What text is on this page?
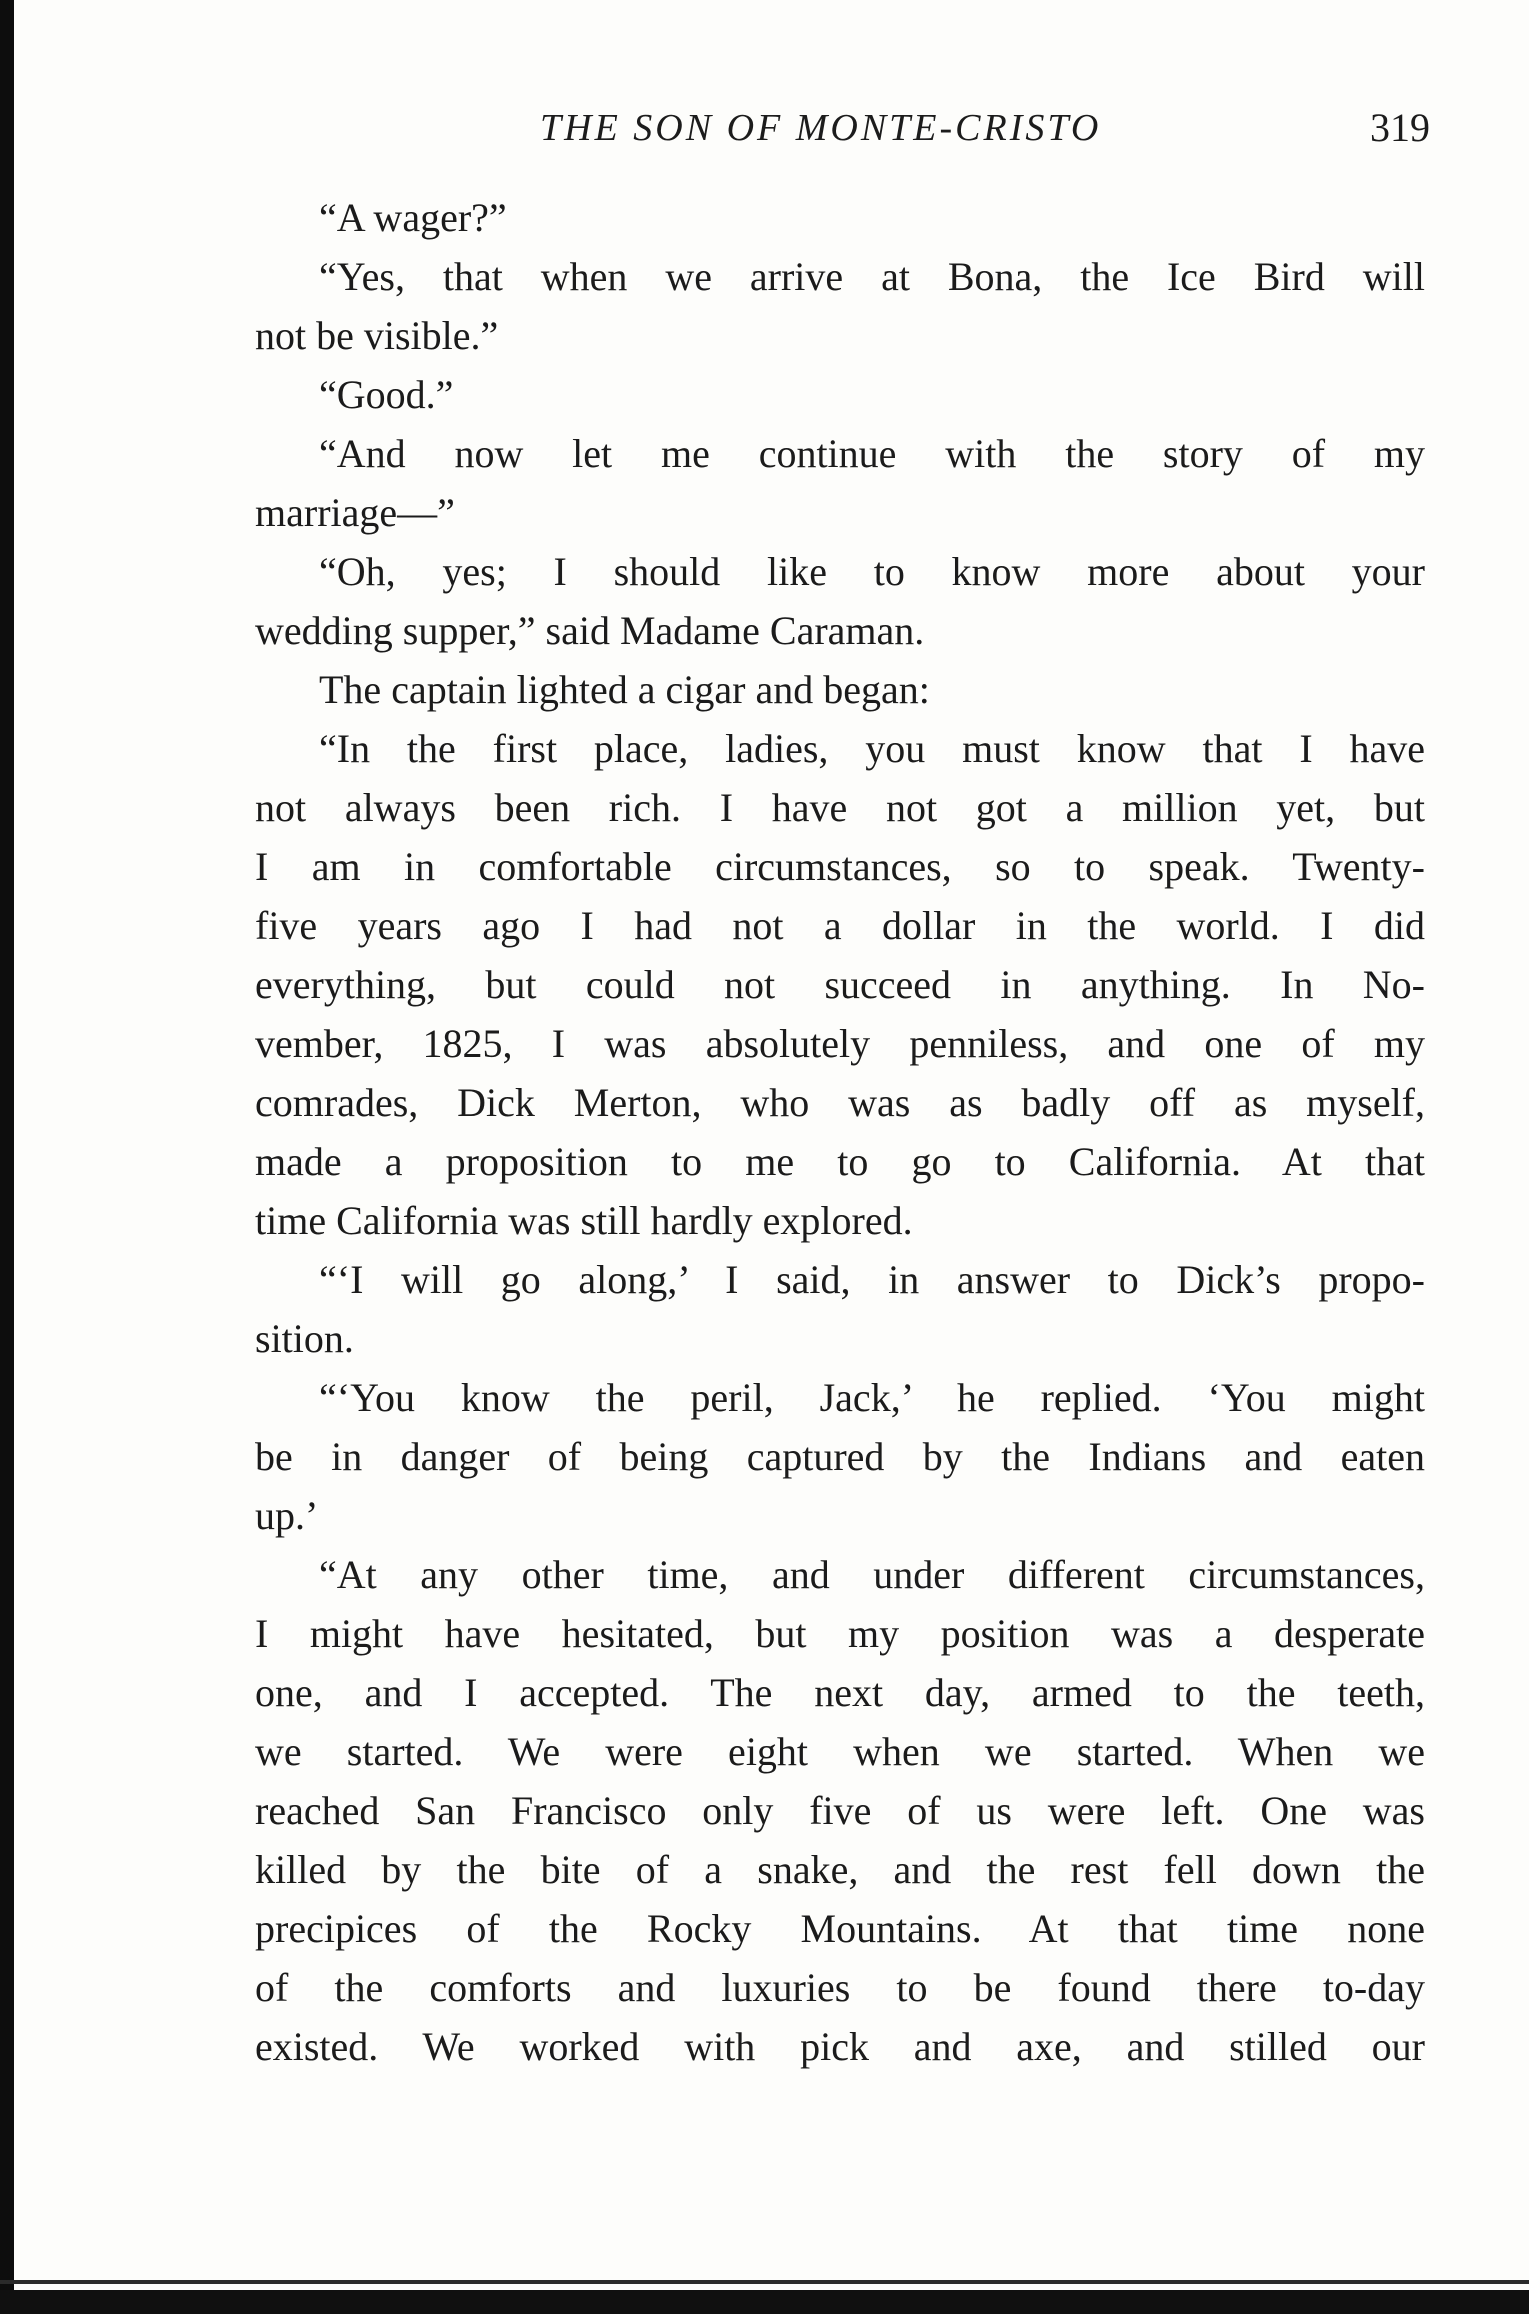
THE SON OF MONTE-CRISTO	319
“A wager?”
“Yes, that when we arrive at Bona, the Ice Bird will
not be visible.”
“Good.”
“And now let me continue with the story of my
marriage—”
“Oh, yes; I should like to know more about your
wedding supper,” said Madame Caraman.
The captain lighted a cigar and began:
“In the first place, ladies, you must know that I have
not always been rich. I have not got a million yet, but
I am in comfortable circumstances, so to speak. Twenty-
five years ago I had not a dollar in the world. I did
everything, but could not succeed in anything. In No-
vember, 1825, I was absolutely penniless, and one of my
comrades, Dick Merton, who was as badly off as myself,
made a proposition to me to go to California. At that
time California was still hardly explored.
“‘I will go along,’ I said, in answer to Dick’s propo-
sition.
“‘You know the peril, Jack,’ he replied. ‘You might
be in danger of being captured by the Indians and eaten
up.’
“At any other time, and under different circumstances,
I might have hesitated, but my position was a desperate
one, and I accepted. The next day, armed to the teeth,
we started. We were eight when we started. When we
reached San Francisco only five of us were left. One was
killed by the bite of a snake, and the rest fell down the
precipices of the Rocky Mountains. At that time none
of the comforts and luxuries to be found there to-day
existed. We worked with pick and axe, and stilled our
